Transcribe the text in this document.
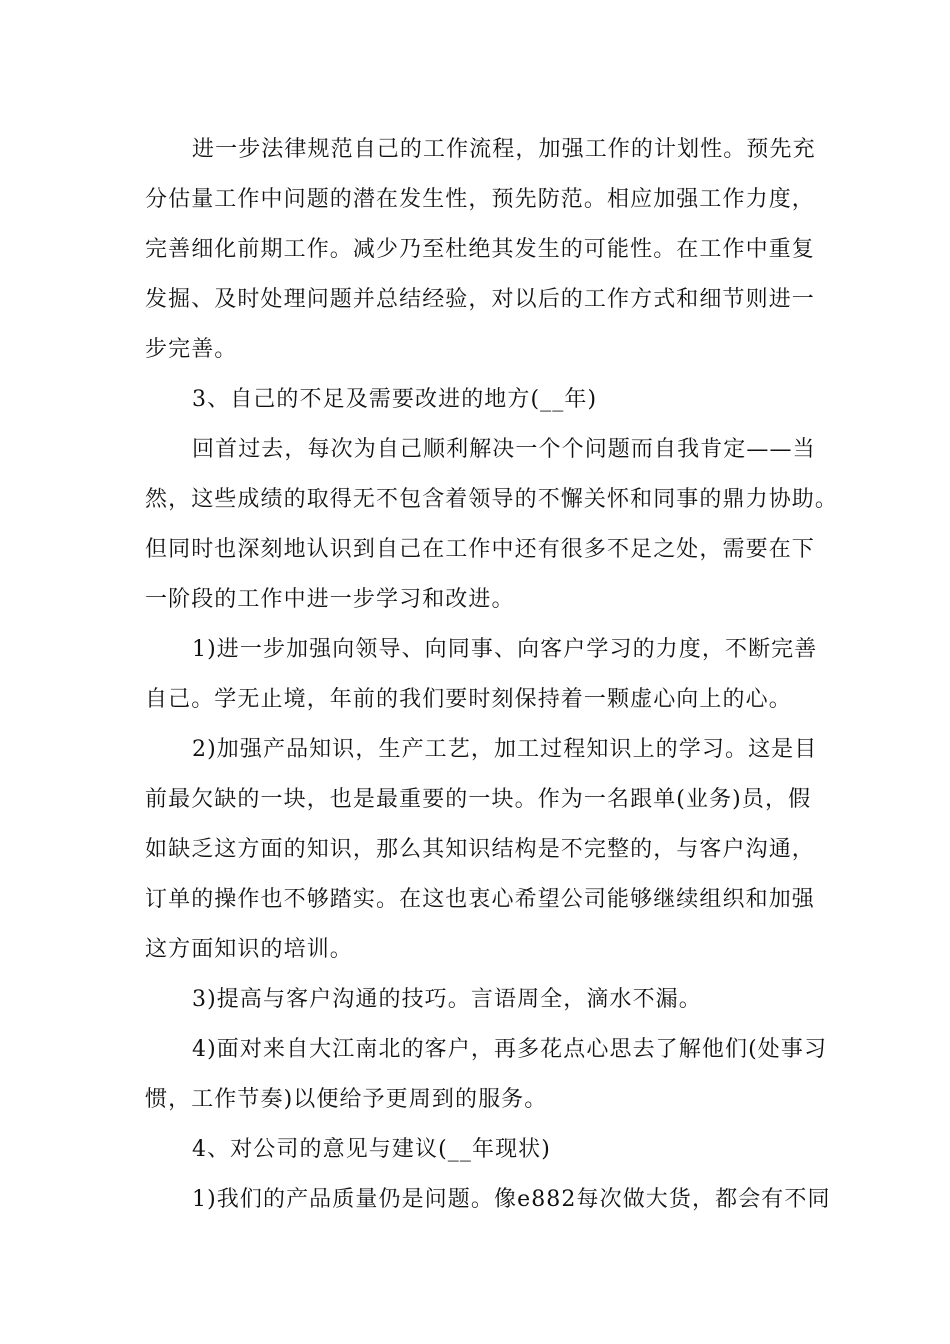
进一步法律规范自己的工作流程，加强工作的计划性。预先充
分估量工作中问题的潜在发生性，预先防范。相应加强工作力度，
完善细化前期工作。减少乃至杜绝其发生的可能性。在工作中重复
发掘、及时处理问题并总结经验，对以后的工作方式和细节则进一
步完善。
3、自己的不足及需要改进的地方(__年)
回首过去，每次为自己顺利解决一个个问题而自我肯定——当
然，这些成绩的取得无不包含着领导的不懈关怀和同事的鼎力协助。
但同时也深刻地认识到自己在工作中还有很多不足之处，需要在下
一阶段的工作中进一步学习和改进。
1)进一步加强向领导、向同事、向客户学习的力度，不断完善
自己。学无止境，年前的我们要时刻保持着一颗虚心向上的心。
2)加强产品知识，生产工艺，加工过程知识上的学习。这是目
前最欠缺的一块，也是最重要的一块。作为一名跟单(业务)员，假
如缺乏这方面的知识，那么其知识结构是不完整的，与客户沟通，
订单的操作也不够踏实。在这也衷心希望公司能够继续组织和加强
这方面知识的培训。
3)提高与客户沟通的技巧。言语周全，滴水不漏。
4)面对来自大江南北的客户，再多花点心思去了解他们(处事习
惯，工作节奏)以便给予更周到的服务。
4、对公司的意见与建议(__年现状)
1)我们的产品质量仍是问题。像e882每次做大货，都会有不同
